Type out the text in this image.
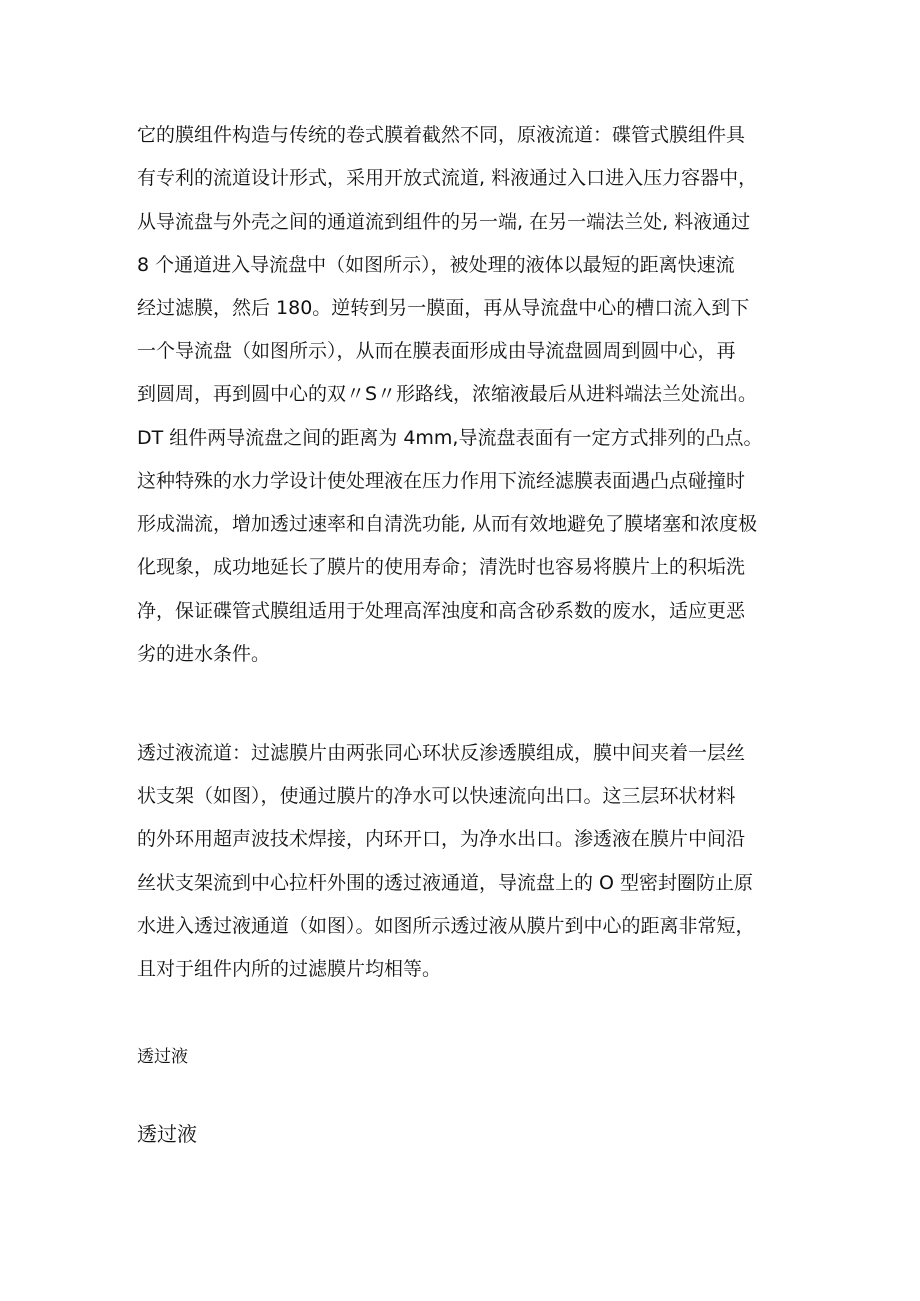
它的膜组件构造与传统的卷式膜着截然不同，原液流道：碟管式膜组件具
有专利的流道设计形式，采用开放式流道, 料液通过入口进入压力容器中，
从导流盘与外壳之间的通道流到组件的另一端, 在另一端法兰处, 料液通过
8 个通道进入导流盘中（如图所示），被处理的液体以最短的距离快速流
经过滤膜，然后 180。逆转到另一膜面，再从导流盘中心的槽口流入到下
一个导流盘（如图所示），从而在膜表面形成由导流盘圆周到圆中心，再
到圆周，再到圆中心的双〃S〃形路线，浓缩液最后从进料端法兰处流出。
DT 组件两导流盘之间的距离为 4mm,导流盘表面有一定方式排列的凸点。
这种特殊的水力学设计使处理液在压力作用下流经滤膜表面遇凸点碰撞时
形成湍流，增加透过速率和自清洗功能, 从而有效地避免了膜堵塞和浓度极
化现象，成功地延长了膜片的使用寿命；清洗时也容易将膜片上的积垢洗
净，保证碟管式膜组适用于处理高浑浊度和高含砂系数的废水，适应更恶
劣的进水条件。
透过液流道：过滤膜片由两张同心环状反渗透膜组成，膜中间夹着一层丝
状支架（如图），使通过膜片的净水可以快速流向出口。这三层环状材料
的外环用超声波技术焊接，内环开口，为净水出口。渗透液在膜片中间沿
丝状支架流到中心拉杆外围的透过液通道，导流盘上的 O 型密封圈防止原
水进入透过液通道（如图）。如图所示透过液从膜片到中心的距离非常短，
且对于组件内所的过滤膜片均相等。
透过液
透过液
